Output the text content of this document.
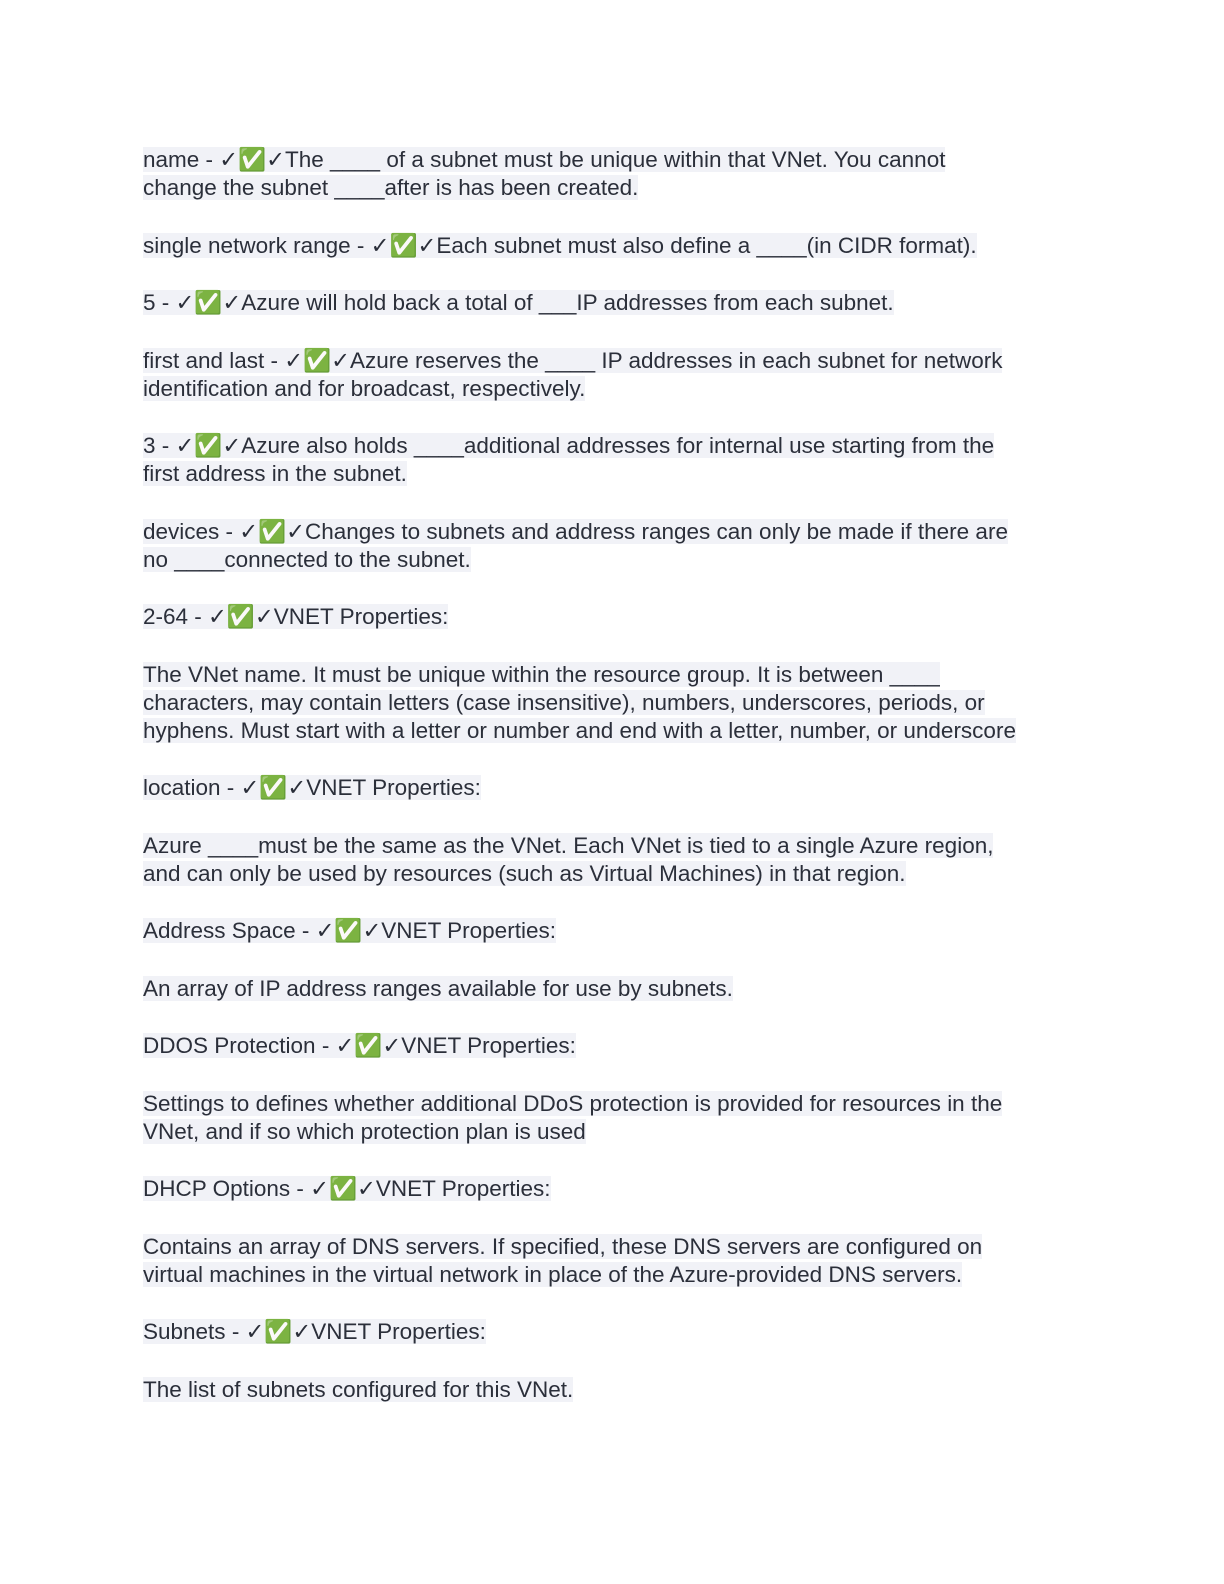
name - ✓✅✓The ____ of a subnet must be unique within that VNet. You cannot
change the subnet ____after is has been created.

single network range - ✓✅✓Each subnet must also define a ____(in CIDR format).

5 - ✓✅✓Azure will hold back a total of ___IP addresses from each subnet.

first and last - ✓✅✓Azure reserves the ____ IP addresses in each subnet for network
identification and for broadcast, respectively.

3 - ✓✅✓Azure also holds ____additional addresses for internal use starting from the
first address in the subnet.

devices - ✓✅✓Changes to subnets and address ranges can only be made if there are
no ____connected to the subnet.

2-64 - ✓✅✓VNET Properties:

The VNet name. It must be unique within the resource group. It is between ____
characters, may contain letters (case insensitive), numbers, underscores, periods, or
hyphens. Must start with a letter or number and end with a letter, number, or underscore

location - ✓✅✓VNET Properties:

Azure ____must be the same as the VNet. Each VNet is tied to a single Azure region,
and can only be used by resources (such as Virtual Machines) in that region.

Address Space - ✓✅✓VNET Properties:

An array of IP address ranges available for use by subnets.

DDOS Protection - ✓✅✓VNET Properties:

Settings to defines whether additional DDoS protection is provided for resources in the
VNet, and if so which protection plan is used

DHCP Options - ✓✅✓VNET Properties:

Contains an array of DNS servers. If specified, these DNS servers are configured on
virtual machines in the virtual network in place of the Azure-provided DNS servers.

Subnets - ✓✅✓VNET Properties:

The list of subnets configured for this VNet.
